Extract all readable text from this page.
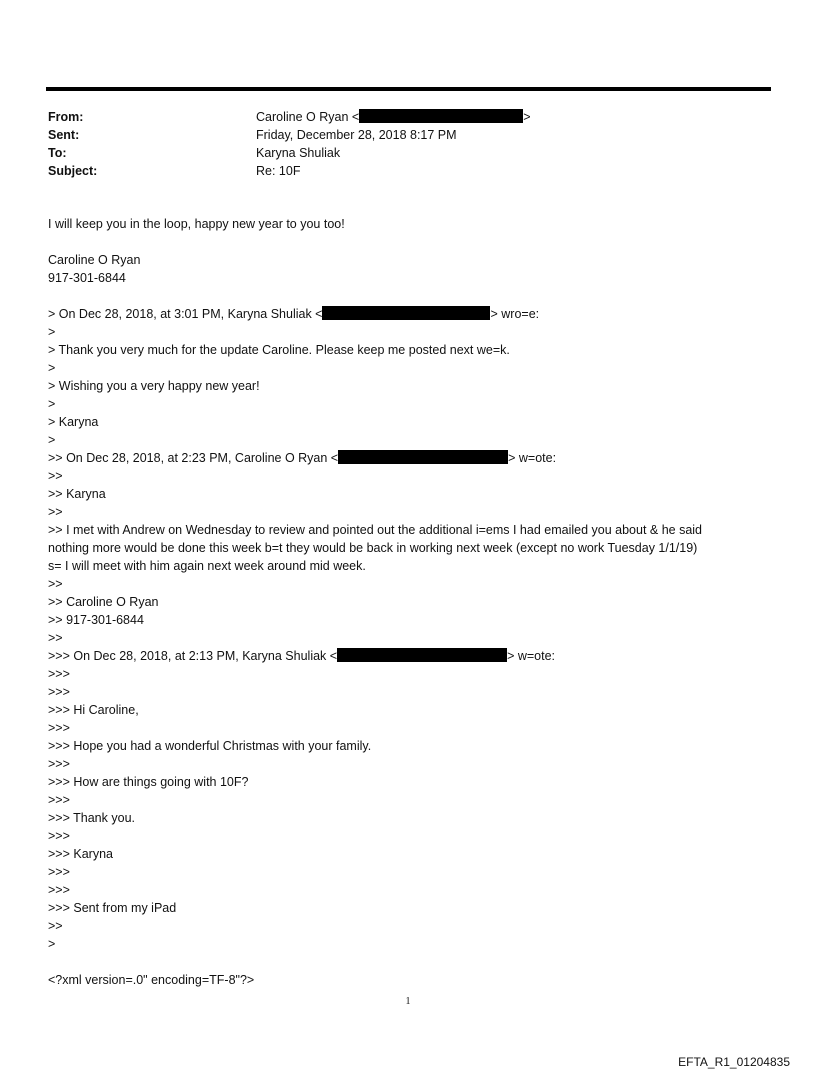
From:	Caroline O Ryan <	>
Sent:	Friday, December 28, 2018 8:17 PM
To:	Karyna Shuliak
Subject:	Re: 10F
I will keep you in the loop, happy new year to you too!
Caroline O Ryan
917-301-6844
> On Dec 28, 2018, at 3:01 PM, Karyna Shuliak <	> wro=e:
>
> Thank you very much for the update Caroline. Please keep me posted next we=k.
>
> Wishing you a very happy new year!
>
> Karyna
>
>> On Dec 28, 2018, at 2:23 PM, Caroline O Ryan <	> w=ote:
>>
>> Karyna
>>
>> I met with Andrew on Wednesday to review and pointed out the additional i=ems I had emailed you about & he said
nothing more would be done this week b=t they would be back in working next week (except no work Tuesday 1/1/19)
s= I will meet with him again next week around mid week.
>>
>> Caroline O Ryan
>> 917-301-6844
>>
>>> On Dec 28, 2018, at 2:13 PM, Karyna Shuliak <	> w=ote:
>>>
>>>
>>> Hi Caroline,
>>>
>>> Hope you had a wonderful Christmas with your family.
>>>
>>> How are things going with 10F?
>>>
>>> Thank you.
>>>
>>> Karyna
>>>
>>>
>>> Sent from my iPad
>>
>
<?xml version=.0" encoding=TF-8"?>
1
EFTA_R1_01204835
